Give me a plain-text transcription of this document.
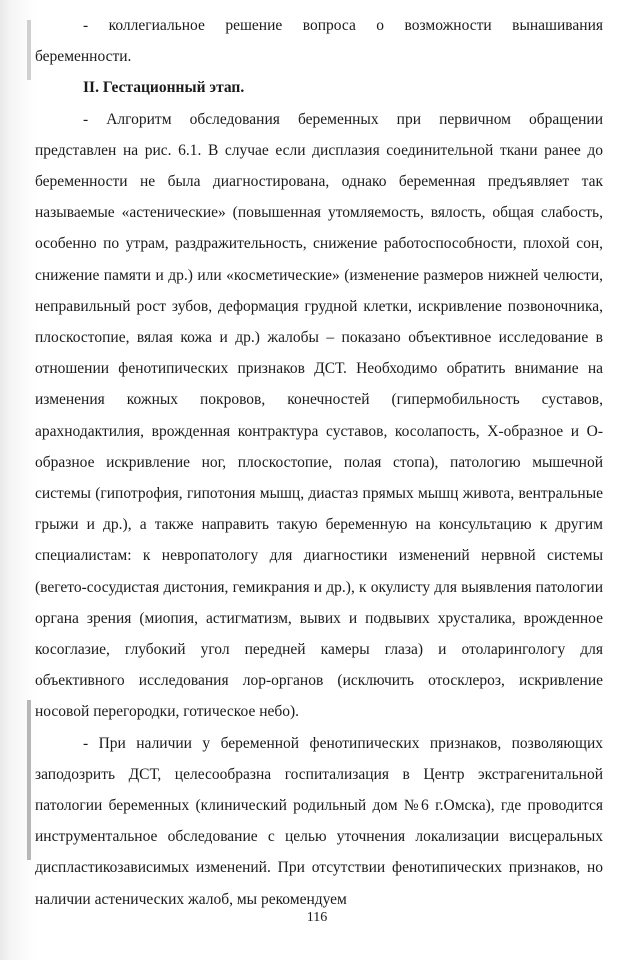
- коллегиальное решение вопроса о возможности вынашивания беременности.

II. Гестационный этап.

- Алгоритм обследования беременных при первичном обращении представлен на рис. 6.1. В случае если дисплазия соединительной ткани ранее до беременности не была диагностирована, однако беременная предъявляет так называемые «астенические» (повышенная утомляемость, вялость, общая слабость, особенно по утрам, раздражительность, снижение работоспособности, плохой сон, снижение памяти и др.) или «косметические» (изменение размеров нижней челюсти, неправильный рост зубов, деформация грудной клетки, искривление позвоночника, плоскостопие, вялая кожа и др.) жалобы – показано объективное исследование в отношении фенотипических признаков ДСТ. Необходимо обратить внимание на изменения кожных покровов, конечностей (гипермобильность суставов, арахнодактилия, врожденная контрактура суставов, косолапость, Х-образное и О-образное искривление ног, плоскостопие, полая стопа), патологию мышечной системы (гипотрофия, гипотония мышц, диастаз прямых мышц живота, вентральные грыжи и др.), а также направить такую беременную на консультацию к другим специалистам: к невропатологу для диагностики изменений нервной системы (вегето-сосудистая дистония, гемикрания и др.), к окулисту для выявления патологии органа зрения (миопия, астигматизм, вывих и подвывих хрусталика, врожденное косоглазие, глубокий угол передней камеры глаза) и отоларингологу для объективного исследования лор-органов (исключить отосклероз, искривление носовой перегородки, готическое небо).

- При наличии у беременной фенотипических признаков, позволяющих заподозрить ДСТ, целесообразна госпитализация в Центр экстрагенитальной патологии беременных (клинический родильный дом №6 г.Омска), где проводится инструментальное обследование с целью уточнения локализации висцеральных диспластикозависимых изменений. При отсутствии фенотипических признаков, но наличии астенических жалоб, мы рекомендуем

116
